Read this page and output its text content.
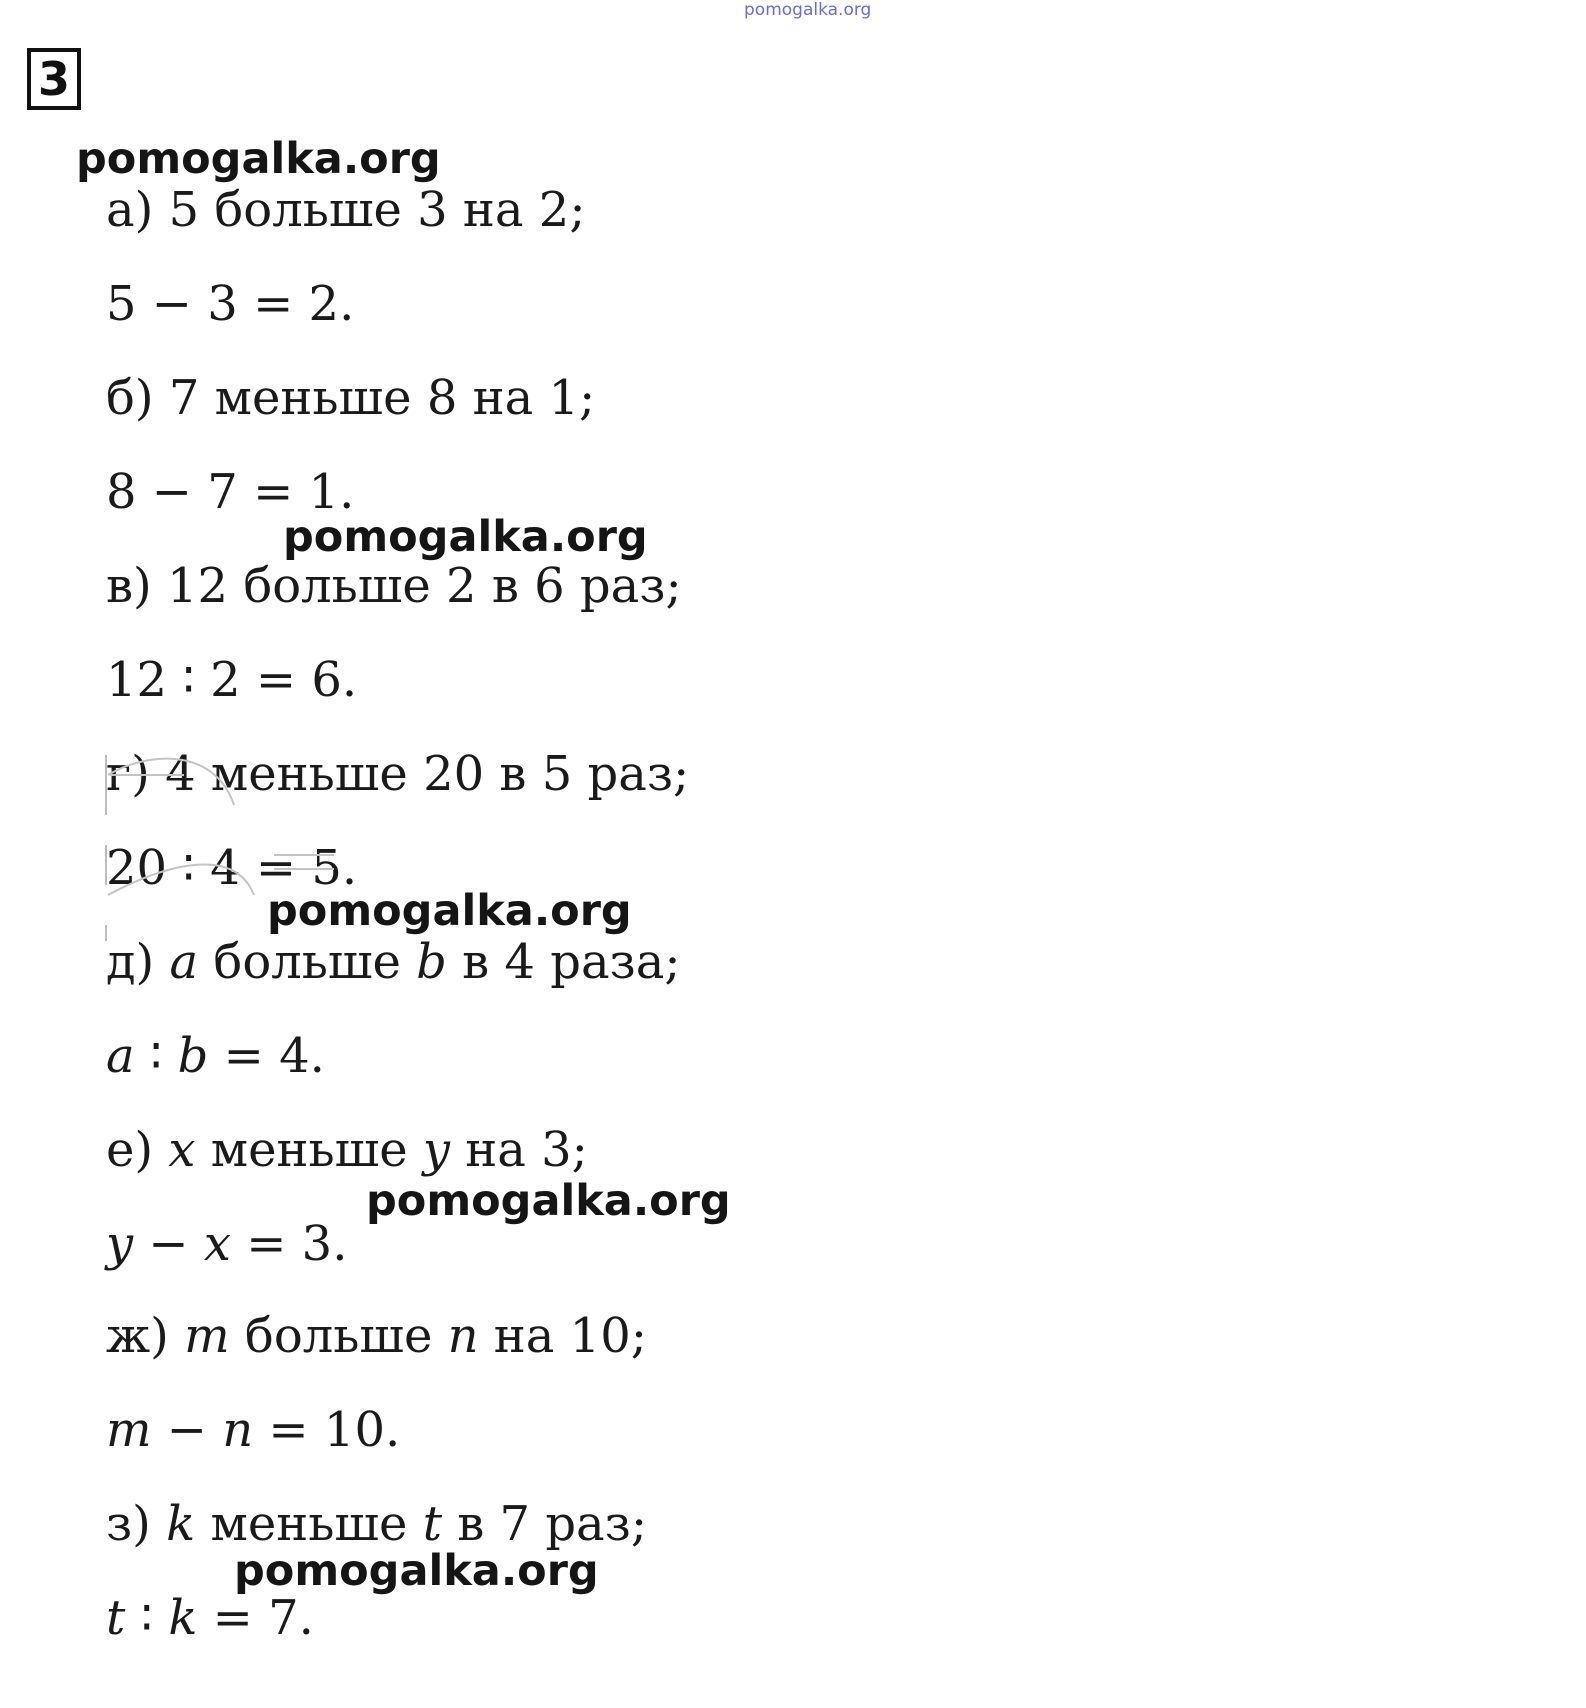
pomogalka.org
3
pomogalka.org
а) 5 больше 3 на 2;
5 − 3 = 2.
б) 7 меньше 8 на 1;
8 − 7 = 1.
pomogalka.org
в) 12 больше 2 в 6 раз;
12 ∶ 2 = 6.
г) 4 меньше 20 в 5 раз;
20 ∶ 4 = 5.
pomogalka.org
д) a больше b в 4 раза;
a ∶ b = 4.
е) x меньше y на 3;
pomogalka.org
y − x = 3.
ж) m больше n на 10;
m − n = 10.
з) k меньше t в 7 раз;
pomogalka.org
t ∶ k = 7.
